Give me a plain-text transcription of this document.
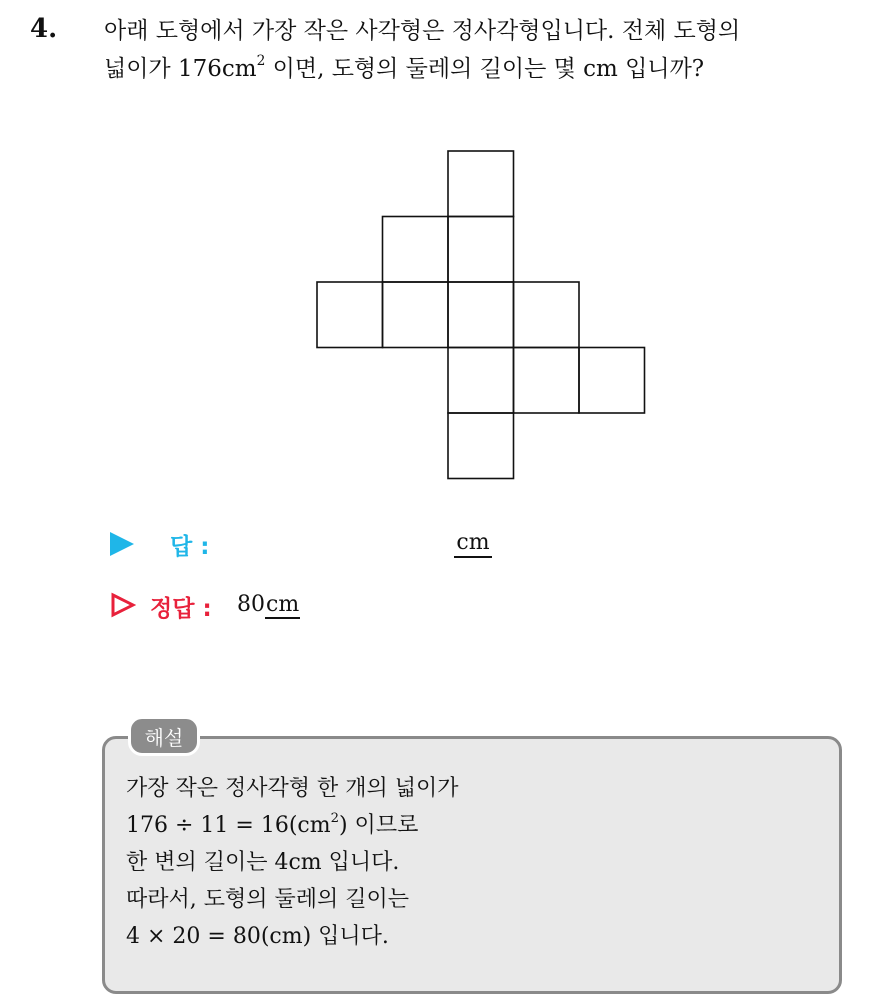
4. 아래 도형에서 가장 작은 사각형은 정사각형입니다. 전체 도형의
넓이가 $176cm^2$ 이면, 도형의 둘레의 길이는 몇 cm 입니까?
답 :	cm
정답 : 80cm
해설
가장 작은 정사각형 한 개의 넓이가
$176 \div 11 = 16(cm^2)$ 이므로
한 변의 길이는 4cm 입니다.
따라서, 도형의 둘레의 길이는
4 × 20 = 80(cm) 입니다.
